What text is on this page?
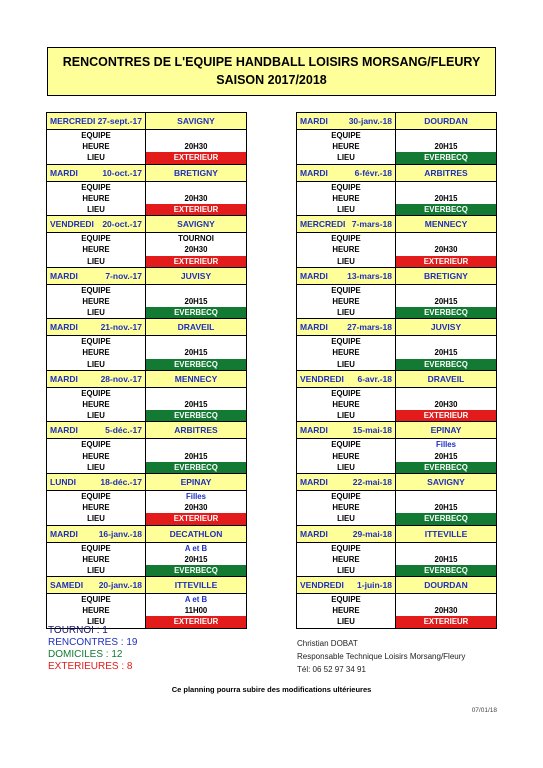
RENCONTRES DE L'EQUIPE HANDBALL LOISIRS MORSANG/FLEURY
SAISON 2017/2018
MERCREDI 27-sept.-17	SAVIGNY
EQUIPE
HEURE	20H30
LIEU	EXTERIEUR
MARDI	10-oct.-17	BRETIGNY
EQUIPE
HEURE	20H30
LIEU	EXTERIEUR
VENDREDI 20-oct.-17	SAVIGNY
EQUIPE	TOURNOI
HEURE	20H30
LIEU	EXTERIEUR
MARDI	7-nov.-17	JUVISY
EQUIPE
HEURE	20H15
LIEU	EVERBECQ
MARDI	21-nov.-17	DRAVEIL
EQUIPE
HEURE	20H15
LIEU	EVERBECQ
MARDI	28-nov.-17	MENNECY
EQUIPE
HEURE	20H15
LIEU	EVERBECQ
MARDI	5-déc.-17	ARBITRES
EQUIPE
HEURE	20H15
LIEU	EVERBECQ
LUNDI	18-déc.-17	EPINAY
EQUIPE	Filles
HEURE	20H30
LIEU	EXTERIEUR
MARDI	16-janv.-18	DECATHLON
EQUIPE	A et B
HEURE	20H15
LIEU	EVERBECQ
SAMEDI	20-janv.-18	ITTEVILLE
EQUIPE	A et B
HEURE	11H00
LIEU	EXTERIEUR
MARDI	30-janv.-18	DOURDAN
EQUIPE
HEURE	20H15
LIEU	EVERBECQ
MARDI	6-févr.-18	ARBITRES
EQUIPE
HEURE	20H15
LIEU	EVERBECQ
MERCREDI 7-mars-18	MENNECY
EQUIPE
HEURE	20H30
LIEU	EXTERIEUR
MARDI	13-mars-18	BRETIGNY
EQUIPE
HEURE	20H15
LIEU	EVERBECQ
MARDI	27-mars-18	JUVISY
EQUIPE
HEURE	20H15
LIEU	EVERBECQ
VENDREDI	6-avr.-18	DRAVEIL
EQUIPE
HEURE	20H30
LIEU	EXTERIEUR
MARDI	15-mai-18	EPINAY
EQUIPE	Filles
HEURE	20H15
LIEU	EVERBECQ
MARDI	22-mai-18	SAVIGNY
EQUIPE
HEURE	20H15
LIEU	EVERBECQ
MARDI	29-mai-18	ITTEVILLE
EQUIPE
HEURE	20H15
LIEU	EVERBECQ
VENDREDI	1-juin-18	DOURDAN
EQUIPE
HEURE	20H30
LIEU	EXTERIEUR
TOURNOI : 1
RENCONTRES : 19
DOMICILES : 12
EXTERIEURES : 8
Christian DOBAT
Responsable Technique Loisirs Morsang/Fleury
Tél: 06 52 97 34 91
Ce planning pourra subire des modifications ultérieures
07/01/18
